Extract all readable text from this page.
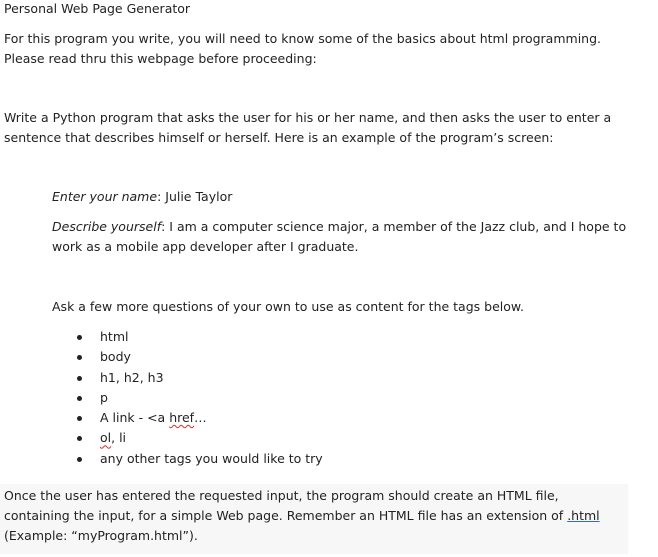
Personal Web Page Generator

For this program you write, you will need to know some of the basics about html programming. Please read thru this webpage before proceeding:

Write a Python program that asks the user for his or her name, and then asks the user to enter a sentence that describes himself or herself. Here is an example of the program’s screen:

Enter your name: Julie Taylor

Describe yourself: I am a computer science major, a member of the Jazz club, and I hope to work as a mobile app developer after I graduate.

Ask a few more questions of your own to use as content for the tags below.

html
body
h1, h2, h3
p
A link - <a href…
ol, li
any other tags you would like to try

Once the user has entered the requested input, the program should create an HTML file, containing the input, for a simple Web page. Remember an HTML file has an extension of .html (Example: “myProgram.html”).
